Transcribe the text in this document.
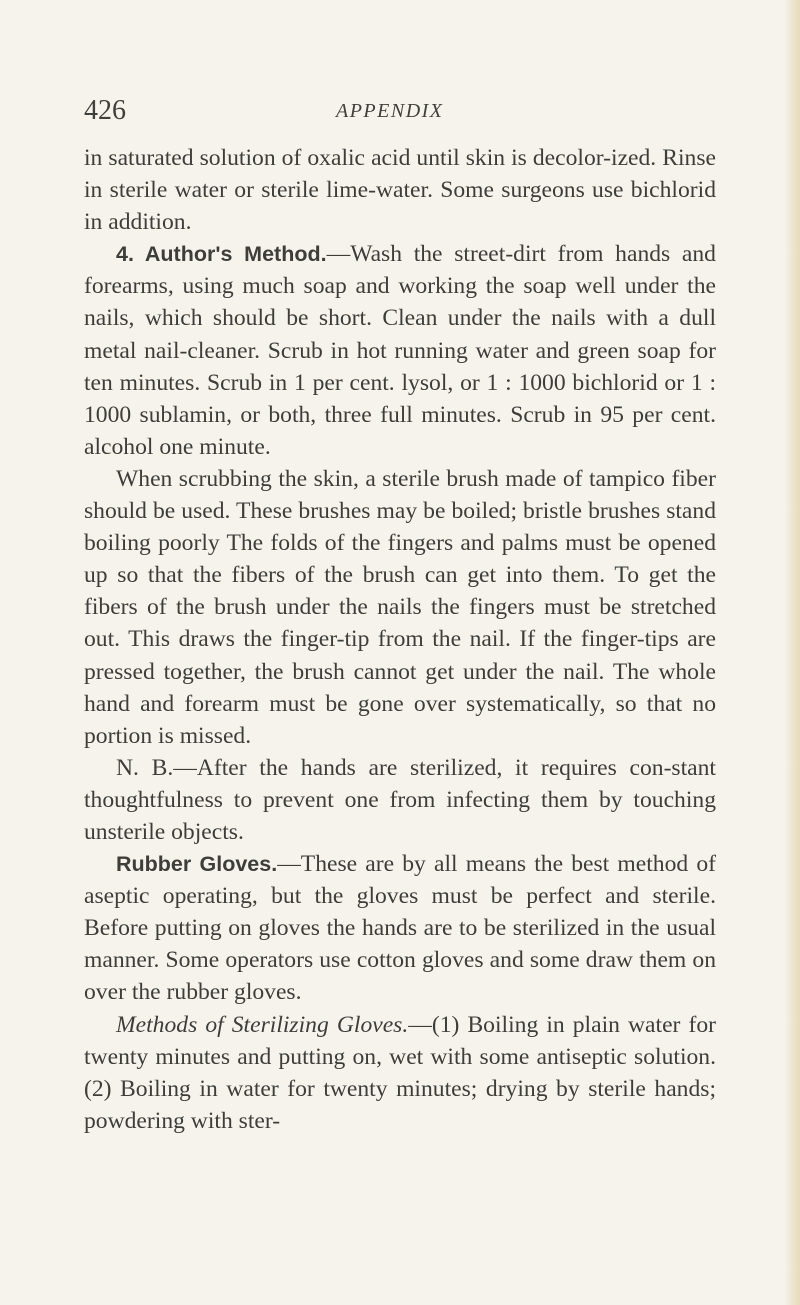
426	APPENDIX

in saturated solution of oxalic acid until skin is decolor-ized. Rinse in sterile water or sterile lime-water. Some surgeons use bichlorid in addition.

4. Author's Method.—Wash the street-dirt from hands and forearms, using much soap and working the soap well under the nails, which should be short. Clean under the nails with a dull metal nail-cleaner. Scrub in hot running water and green soap for ten minutes. Scrub in 1 per cent. lysol, or 1 : 1000 bichlorid or 1 : 1000 sublamin, or both, three full minutes. Scrub in 95 per cent. alcohol one minute.

When scrubbing the skin, a sterile brush made of tampico fiber should be used. These brushes may be boiled; bristle brushes stand boiling poorly The folds of the fingers and palms must be opened up so that the fibers of the brush can get into them. To get the fibers of the brush under the nails the fingers must be stretched out. This draws the finger-tip from the nail. If the finger-tips are pressed together, the brush cannot get under the nail. The whole hand and forearm must be gone over systematically, so that no portion is missed.

N. B.—After the hands are sterilized, it requires con-stant thoughtfulness to prevent one from infecting them by touching unsterile objects.

Rubber Gloves.—These are by all means the best method of aseptic operating, but the gloves must be perfect and sterile. Before putting on gloves the hands are to be sterilized in the usual manner. Some operators use cotton gloves and some draw them on over the rubber gloves.

Methods of Sterilizing Gloves.—(1) Boiling in plain water for twenty minutes and putting on, wet with some antiseptic solution. (2) Boiling in water for twenty minutes; drying by sterile hands; powdering with ster-
